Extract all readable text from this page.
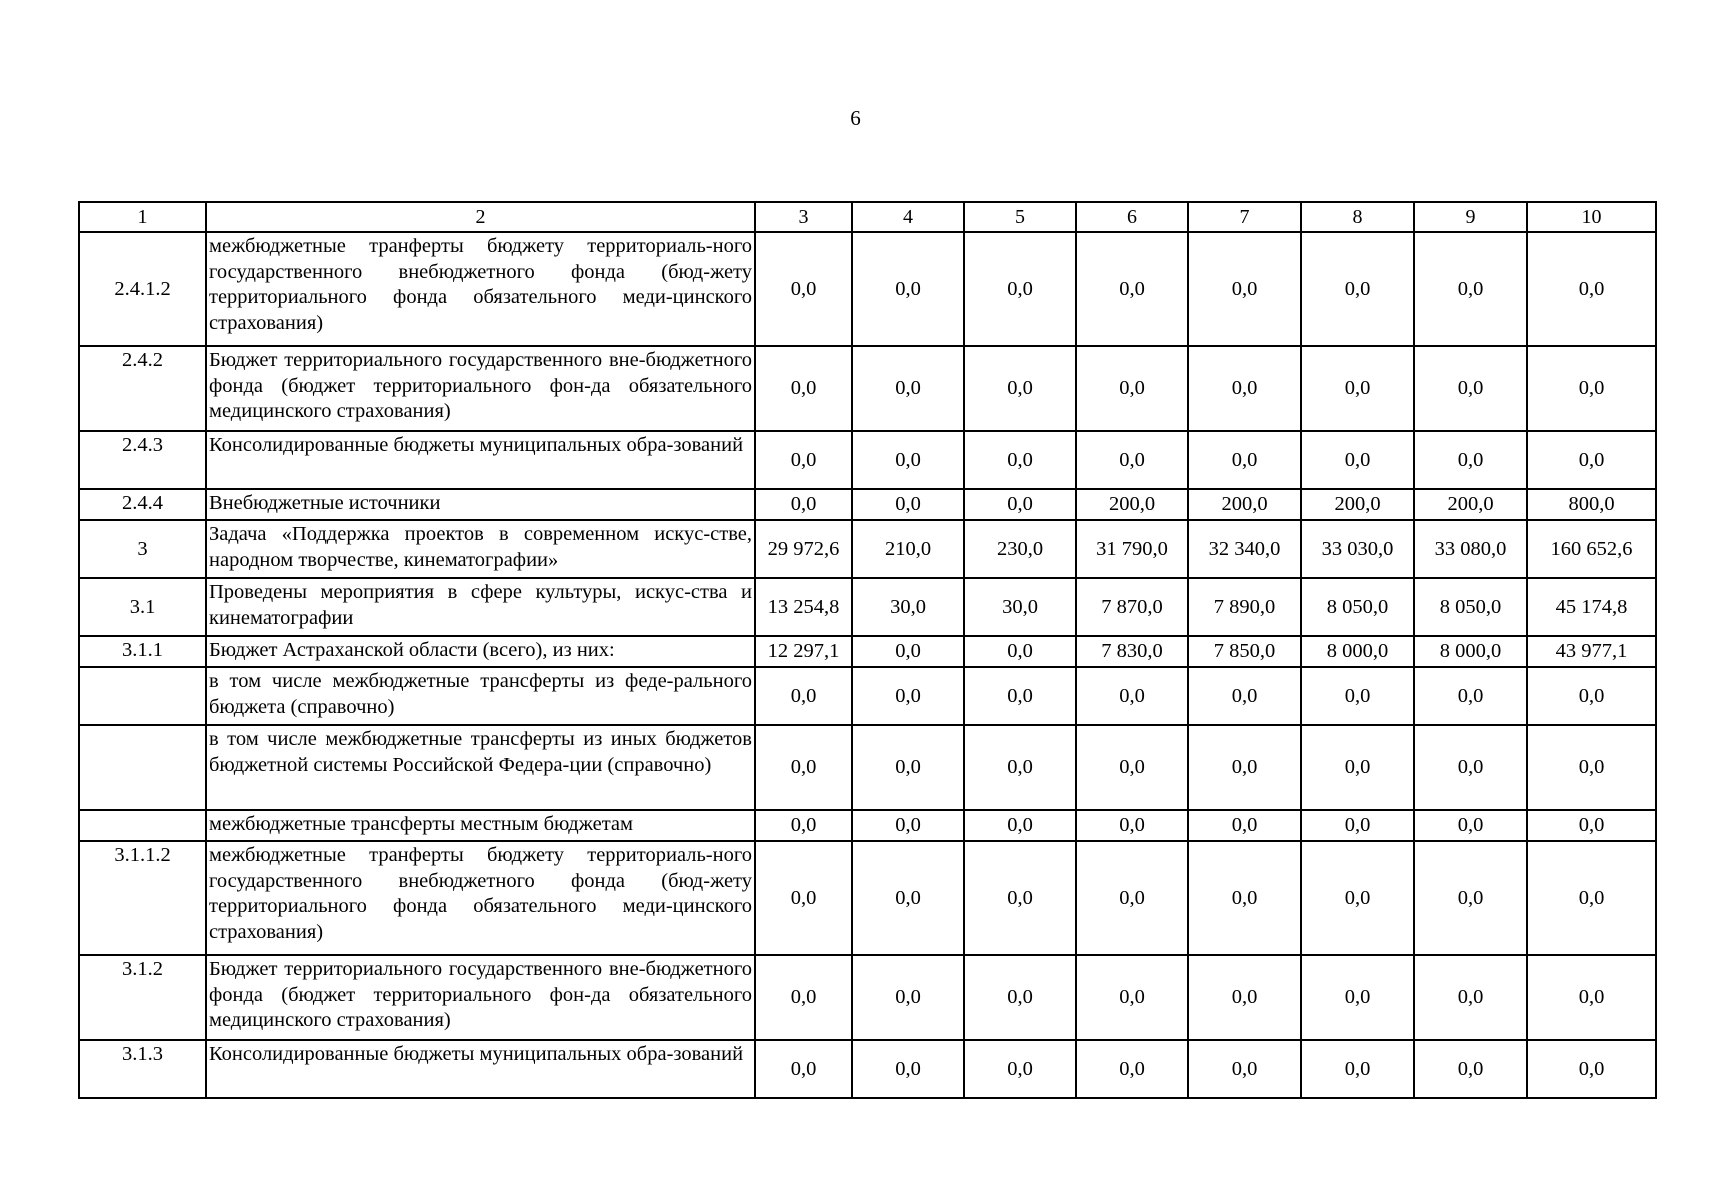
6
1	2	3	4	5	6	7	8	9	10
2.4.1.2	межбюджетные транферты бюджету территориаль-ного государственного внебюджетного фонда (бюд-жету территориального фонда обязательного меди-цинского страхования)	0,0	0,0	0,0	0,0	0,0	0,0	0,0	0,0
2.4.2	Бюджет территориального государственного вне-бюджетного фонда (бюджет территориального фон-да обязательного медицинского страхования)	0,0	0,0	0,0	0,0	0,0	0,0	0,0	0,0
2.4.3	Консолидированные бюджеты муниципальных обра-зований	0,0	0,0	0,0	0,0	0,0	0,0	0,0	0,0
2.4.4	Внебюджетные источники	0,0	0,0	0,0	200,0	200,0	200,0	200,0	800,0
3	Задача «Поддержка проектов в современном искус-стве, народном творчестве, кинематографии»	29 972,6	210,0	230,0	31 790,0	32 340,0	33 030,0	33 080,0	160 652,6
3.1	Проведены мероприятия в сфере культуры, искус-ства и кинематографии	13 254,8	30,0	30,0	7 870,0	7 890,0	8 050,0	8 050,0	45 174,8
3.1.1	Бюджет Астраханской области (всего), из них:	12 297,1	0,0	0,0	7 830,0	7 850,0	8 000,0	8 000,0	43 977,1
	в том числе межбюджетные трансферты из феде-рального бюджета (справочно)	0,0	0,0	0,0	0,0	0,0	0,0	0,0	0,0
	в том числе межбюджетные трансферты из иных бюджетов бюджетной системы Российской Федера-ции (справочно)	0,0	0,0	0,0	0,0	0,0	0,0	0,0	0,0
	межбюджетные трансферты местным бюджетам	0,0	0,0	0,0	0,0	0,0	0,0	0,0	0,0
3.1.1.2	межбюджетные транферты бюджету территориаль-ного государственного внебюджетного фонда (бюд-жету территориального фонда обязательного меди-цинского страхования)	0,0	0,0	0,0	0,0	0,0	0,0	0,0	0,0
3.1.2	Бюджет территориального государственного вне-бюджетного фонда (бюджет территориального фон-да обязательного медицинского страхования)	0,0	0,0	0,0	0,0	0,0	0,0	0,0	0,0
3.1.3	Консолидированные бюджеты муниципальных обра-зований	0,0	0,0	0,0	0,0	0,0	0,0	0,0	0,0
